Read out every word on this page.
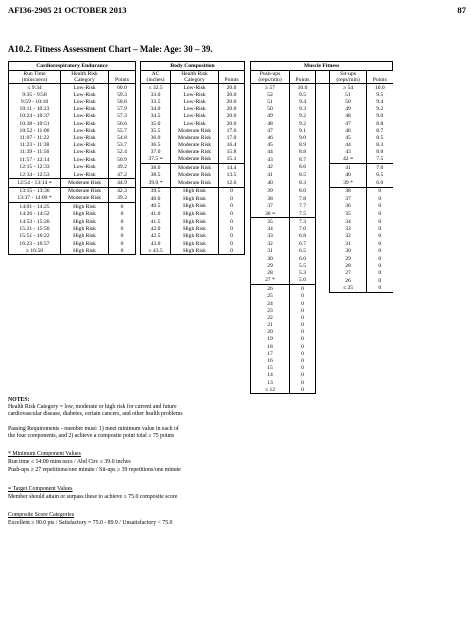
AFI36-2905 21 OCTOBER 2013	87
A10.2. Fitness Assessment Chart – Male: Age: 30 – 39.
Cardiorespiratory Endurance				Body Composition				Muscle Fitness					
Run Time
(mins:secs)	Health Risk
Category	Points		AC
(inches)	Health Risk
Category	Points		Push-ups
(reps/min)	Points		Sit-ups
(reps/min)	Points	
≤ 9:34	Low-Risk	60.0		≤ 32.5	Low-Risk	20.0		≥ 57	10.0		≥ 54	10.0	
9:35 - 9:58	Low-Risk	59.3		33.0	Low-Risk	20.0		52	9.5		51	9.5	
9:59 - 10:10	Low-Risk	58.6		33.5	Low-Risk	20.0		51	9.4		50	9.4	
10:11 - 10:23	Low-Risk	57.9		34.0	Low-Risk	20.0		50	9.3		49	9.2	
10:24 - 10:37	Low-Risk	57.3		34.5	Low-Risk	20.0		49	9.2		48	9.0	
10:38 - 10:51	Low-Risk	56.6		35.0	Low-Risk	20.0		48	9.2		47	8.8	
10:52 - 11:06	Low-Risk	55.7		35.5	Moderate Risk	17.6		47	9.1		46	8.7	
11:07 - 11:22	Low-Risk	54.8		36.0	Moderate Risk	17.0		46	9.0		45	8.5	
11:23 - 11:38	Low-Risk	53.7		36.5	Moderate Risk	16.4		45	8.9		44	8.3	
11:39 - 11:56	Low-Risk	52.4		37.0	Moderate Risk	15.8		44	8.8		43	8.0	
11:57 - 12:14	Low-Risk	50.9		37.5 ≡	Moderate Risk	15.1		43	8.7		42 ≡	7.5	
12:15 - 12:33	Low-Risk	49.2		38.0	Moderate Risk	14.4		42	8.6		41	7.0	
12:34 - 12:53	Low-Risk	47.2		38.5	Moderate Risk	13.5		41	8.5		40	6.5	
12:54 - 13:14 ≡	Moderate Risk	44.9		39.0 *	Moderate Risk	12.6		40	8.3		39 *	6.0	
13:15 - 13:36	Moderate Risk	42.3		39.5	High Risk	0		39	8.0		38	0	
13:37 - 14:00 *	Moderate Risk	39.3		40.0	High Risk	0		38	7.8		37	0	
14:01 - 14:25	High Risk	0		40.5	High Risk	0		37	7.7		36	0	
14:26 - 14:52	High Risk	0		41.0	High Risk	0		36 ≡	7.5		35	0	
14:53 - 15:20	High Risk	0		41.5	High Risk	0		35	7.3		34	0	
15:21 - 15:50	High Risk	0		42.0	High Risk	0		34	7.0		33	0	
15:51 - 16:22	High Risk	0		42.5	High Risk	0		33	6.8		32	0	
16:23 - 16:57	High Risk	0		43.0	High Risk	0		32	6.7		31	0	
≥ 16:58	High Risk	0		≥ 43.5	High Risk	0		31	6.5		30	0	
								30	6.0		29	0	
								29	5.5		28	0	
								28	5.3		27	0	
								27 *	5.0		26	0	
								26	0		≤ 25	0	
								25	0				
								24	0				
								23	0				
								22	0				
								21	0				
								20	0				
								19	0				
								18	0				
								17	0				
								16	0				
								15	0				
								14	0				
								13	0				
								≤ 12	0				
NOTES:
Health Risk Category = low, moderate or high risk for current and future
cardiovascular disease, diabetes, certain cancers, and other health problems
Passing Requirements - member must: 1) meet minimum value in each of
the four components, and 2) achieve a composite point total ≥ 75 points
* Minimum Component Values
Run time ≤ 14:00 mins:secs / Abd Circ ≤ 39.0 inches
Push-ups ≥ 27 repetitions/one minute / Sit-ups ≥ 39 repetitions/one minute
≡ Target Component Values
Member should attain or surpass these to achieve ≥ 75.0 composite score
Composite Score Categories
Excellent ≥ 90.0 pts / Satisfactory = 75.0 - 89.9 / Unsatisfactory < 75.0
